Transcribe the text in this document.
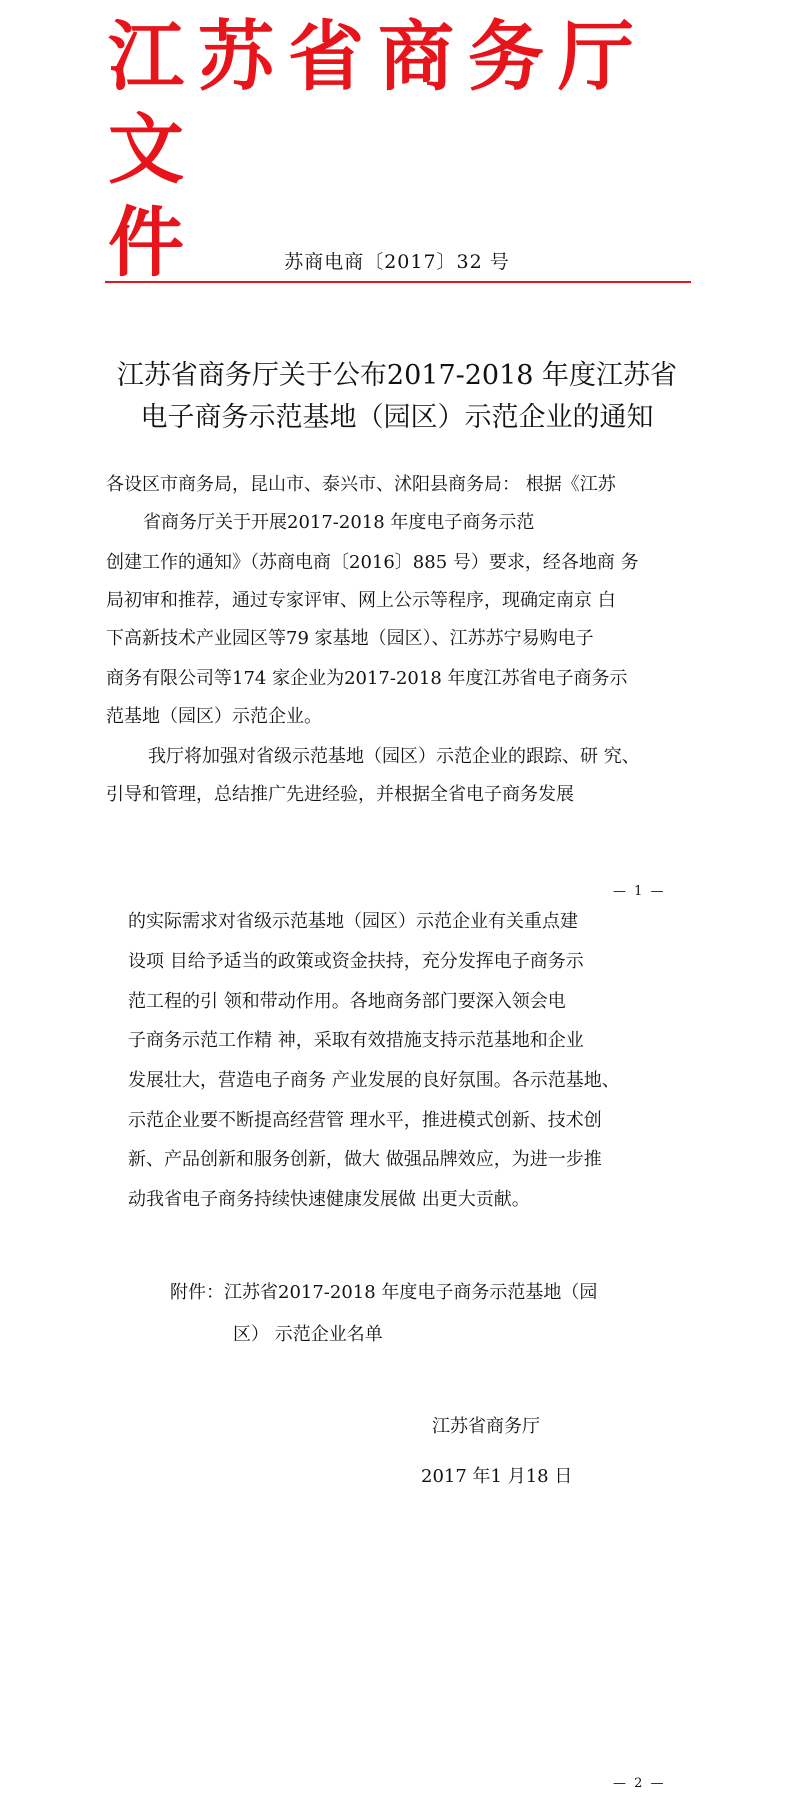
江苏省商务厅文
件	苏商电商〔2017〕32 号
江苏省商务厅关于公布2017-2018 年度江苏省
电子商务示范基地（园区）示范企业的通知

各设区市商务局，昆山市、泰兴市、沭阳县商务局： 根据《江苏

省商务厅关于开展2017-2018 年度电子商务示范

创建工作的通知》（苏商电商〔2016〕885 号）要求，经各地商 务

局初审和推荐，通过专家评审、网上公示等程序，现确定南京 白

下高新技术产业园区等79 家基地（园区）、江苏苏宁易购电子

商务有限公司等174 家企业为2017-2018 年度江苏省电子商务示

范基地（园区）示范企业。

我厅将加强对省级示范基地（园区）示范企业的跟踪、研 究、

引导和管理，总结推广先进经验，并根据全省电子商务发展

— 1 —

的实际需求对省级示范基地（园区）示范企业有关重点建

设项 目给予适当的政策或资金扶持，充分发挥电子商务示

范工程的引 领和带动作用。各地商务部门要深入领会电

子商务示范工作精 神，采取有效措施支持示范基地和企业

发展壮大，营造电子商务 产业发展的良好氛围。各示范基地、

示范企业要不断提高经营管 理水平，推进模式创新、技术创

新、产品创新和服务创新，做大 做强品牌效应，为进一步推

动我省电子商务持续快速健康发展做 出更大贡献。

附件：江苏省2017-2018 年度电子商务示范基地（园

区） 示范企业名单

江苏省商务厅

2017 年1 月18 日

— 2 —
